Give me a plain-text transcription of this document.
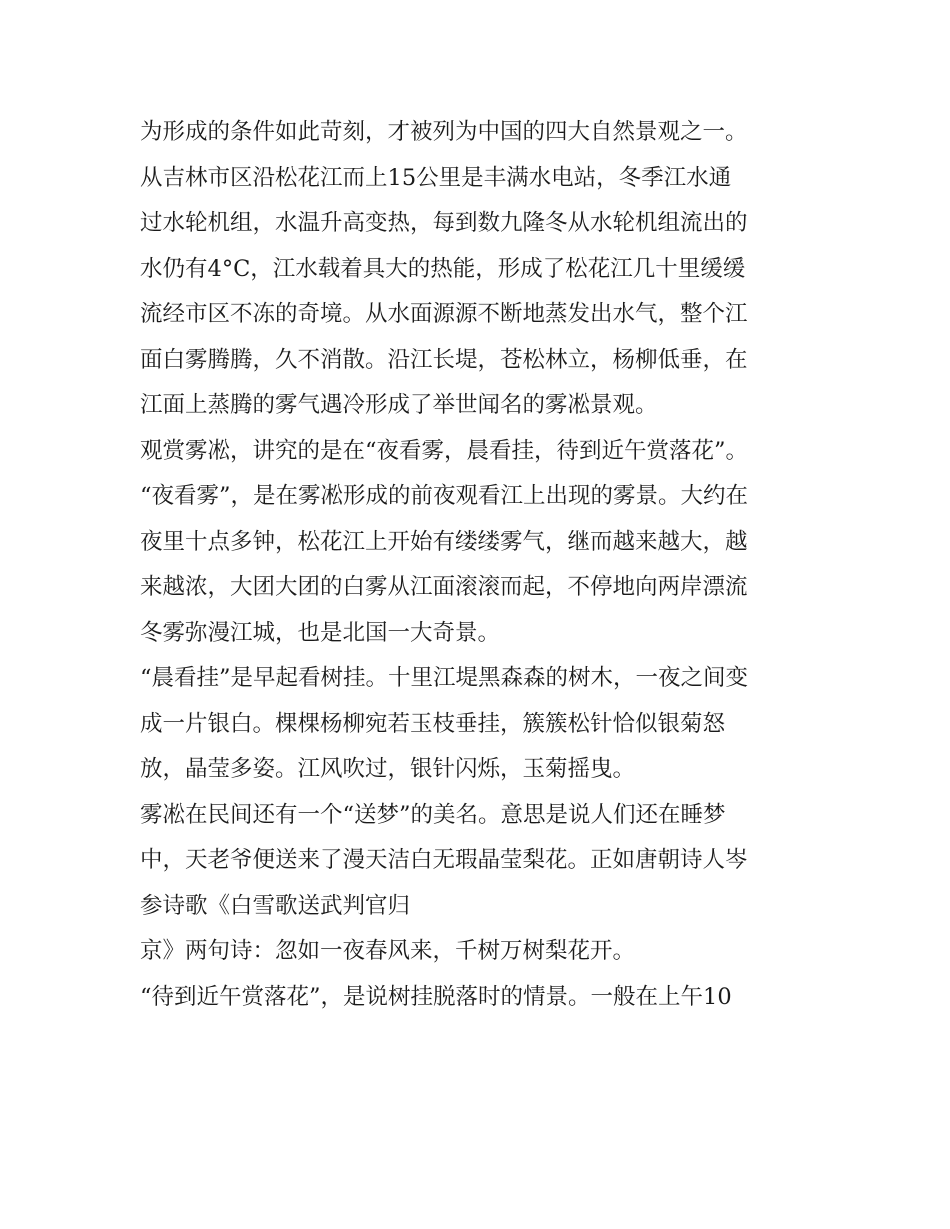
为形成的条件如此苛刻，才被列为中国的四大自然景观之一。
从吉林市区沿松花江而上15公里是丰满水电站，冬季江水通
过水轮机组，水温升高变热，每到数九隆冬从水轮机组流出的
水仍有4°C，江水载着具大的热能，形成了松花江几十里缓缓
流经市区不冻的奇境。从水面源源不断地蒸发出水气，整个江
面白雾腾腾，久不消散。沿江长堤，苍松林立，杨柳低垂，在
江面上蒸腾的雾气遇冷形成了举世闻名的雾凇景观。
观赏雾凇，讲究的是在“夜看雾，晨看挂，待到近午赏落花”。
“夜看雾”，是在雾凇形成的前夜观看江上出现的雾景。大约在
夜里十点多钟，松花江上开始有缕缕雾气，继而越来越大，越
来越浓，大团大团的白雾从江面滚滚而起，不停地向两岸漂流
冬雾弥漫江城，也是北国一大奇景。
“晨看挂”是早起看树挂。十里江堤黑森森的树木，一夜之间变
成一片银白。棵棵杨柳宛若玉枝垂挂，簇簇松针恰似银菊怒
放，晶莹多姿。江风吹过，银针闪烁，玉菊摇曳。
雾凇在民间还有一个“送梦”的美名。意思是说人们还在睡梦
中，天老爷便送来了漫天洁白无瑕晶莹梨花。正如唐朝诗人岑
参诗歌《白雪歌送武判官归
京》两句诗：忽如一夜春风来，千树万树梨花开。
“待到近午赏落花”，是说树挂脱落时的情景。一般在上午10
